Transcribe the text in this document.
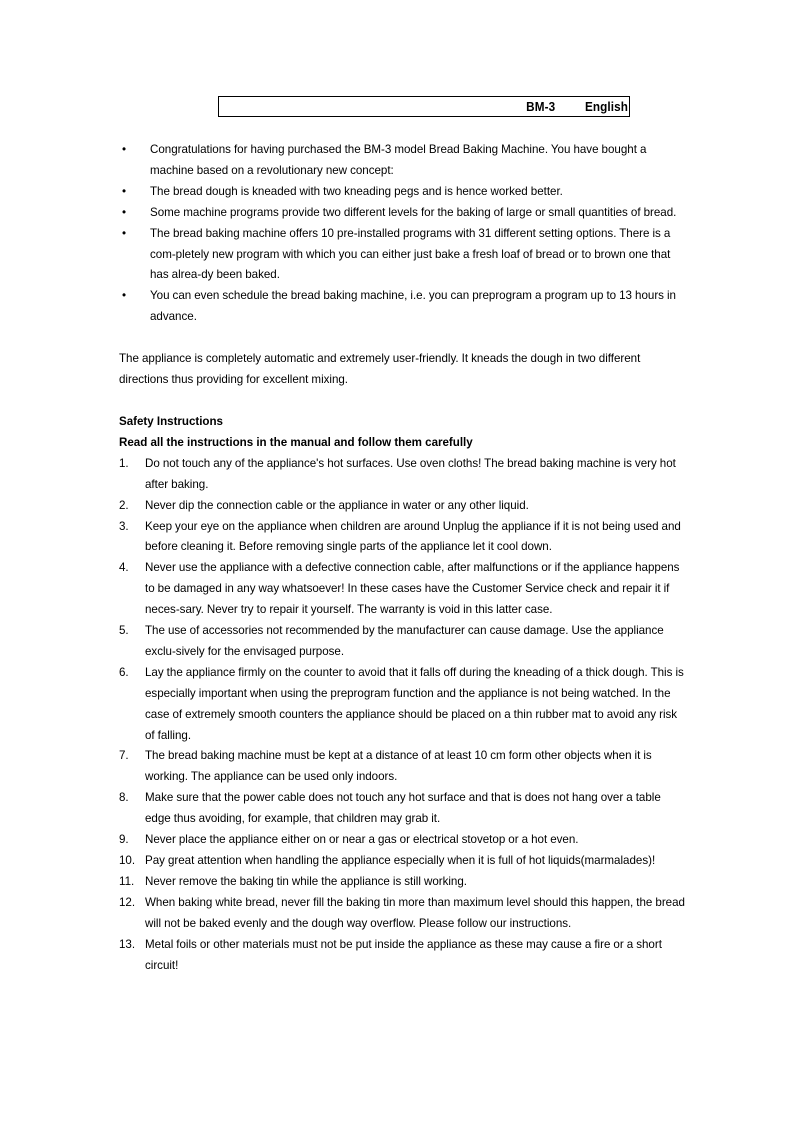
BM-3 English
• Congratulations for having purchased the BM-3 model Bread Baking Machine. You have bought a machine based on a revolutionary new concept:
• The bread dough is kneaded with two kneading pegs and is hence worked better.
• Some machine programs provide two different levels for the baking of large or small quantities of bread.
• The bread baking machine offers 10 pre-installed programs with 31 different setting options. There is a com-pletely new program with which you can either just bake a fresh loaf of bread or to brown one that has alrea-dy been baked.
• You can even schedule the bread baking machine, i.e. you can preprogram a program up to 13 hours in advance.

The appliance is completely automatic and extremely user-friendly. It kneads the dough in two different directions thus providing for excellent mixing.

Safety Instructions

Read all the instructions in the manual and follow them carefully

1.	Do not touch any of the appliance's hot surfaces. Use oven cloths! The bread baking machine is very hot after baking.
2.	Never dip the connection cable or the appliance in water or any other liquid.
3.	Keep your eye on the appliance when children are around Unplug the appliance if it is not being used and before cleaning it. Before removing single parts of the appliance let it cool down.
4.	Never use the appliance with a defective connection cable, after malfunctions or if the appliance happens to be damaged in any way whatsoever! In these cases have the Customer Service check and repair it if neces-sary. Never try to repair it yourself. The warranty is void in this latter case.
5.	The use of accessories not recommended by the manufacturer can cause damage. Use the appliance exclu-sively for the envisaged purpose.
6.	Lay the appliance firmly on the counter to avoid that it falls off during the kneading of a thick dough. This is especially important when using the preprogram function and the appliance is not being watched. In the case of extremely smooth counters the appliance should be placed on a thin rubber mat to avoid any risk of falling.
7.	The bread baking machine must be kept at a distance of at least 10 cm form other objects when it is working. The appliance can be used only indoors.
8.	Make sure that the power cable does not touch any hot surface and that is does not hang over a table edge thus avoiding, for example, that children may grab it.
9.	Never place the appliance either on or near a gas or electrical stovetop or a hot even.
10. Pay great attention when handling the appliance especially when it is full of hot liquids(marmalades)!
11. Never remove the baking tin while the appliance is still working.
12. When baking white bread, never fill the baking tin more than maximum level should this happen, the bread will not be baked evenly and the dough way overflow. Please follow our instructions.
13. Metal foils or other materials must not be put inside the appliance as these may cause a fire or a short circuit!
